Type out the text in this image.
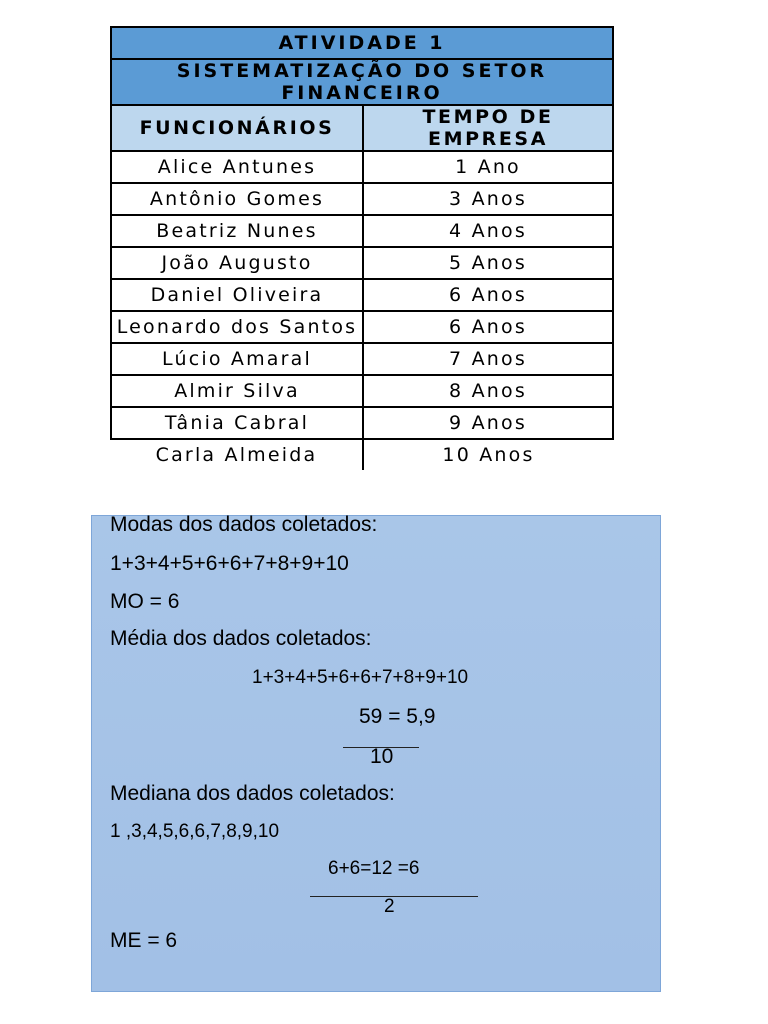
ATIVIDADE 1	
SISTEMATIZAÇÃO DO SETOR FINANCEIRO	
FUNCIONÁRIOS	TEMPO DE EMPRESA
Alice Antunes	1 Ano
Antônio Gomes	3 Anos
Beatriz Nunes	4 Anos
João Augusto	5 Anos
Daniel Oliveira	6 Anos
Leonardo dos Santos	6 Anos
Lúcio Amaral	7 Anos
Almir Silva	8 Anos
Tânia Cabral	9 Anos
Carla Almeida	10 Anos
Modas dos dados coletados:
1+3+4+5+6+6+7+8+9+10
MO = 6
Média dos dados coletados:
1+3+4+5+6+6+7+8+9+10
59 = 5,9
10
Mediana dos dados coletados:
1 ,3,4,5,6,6,7,8,9,10
6+6=12 =6
2
ME = 6
